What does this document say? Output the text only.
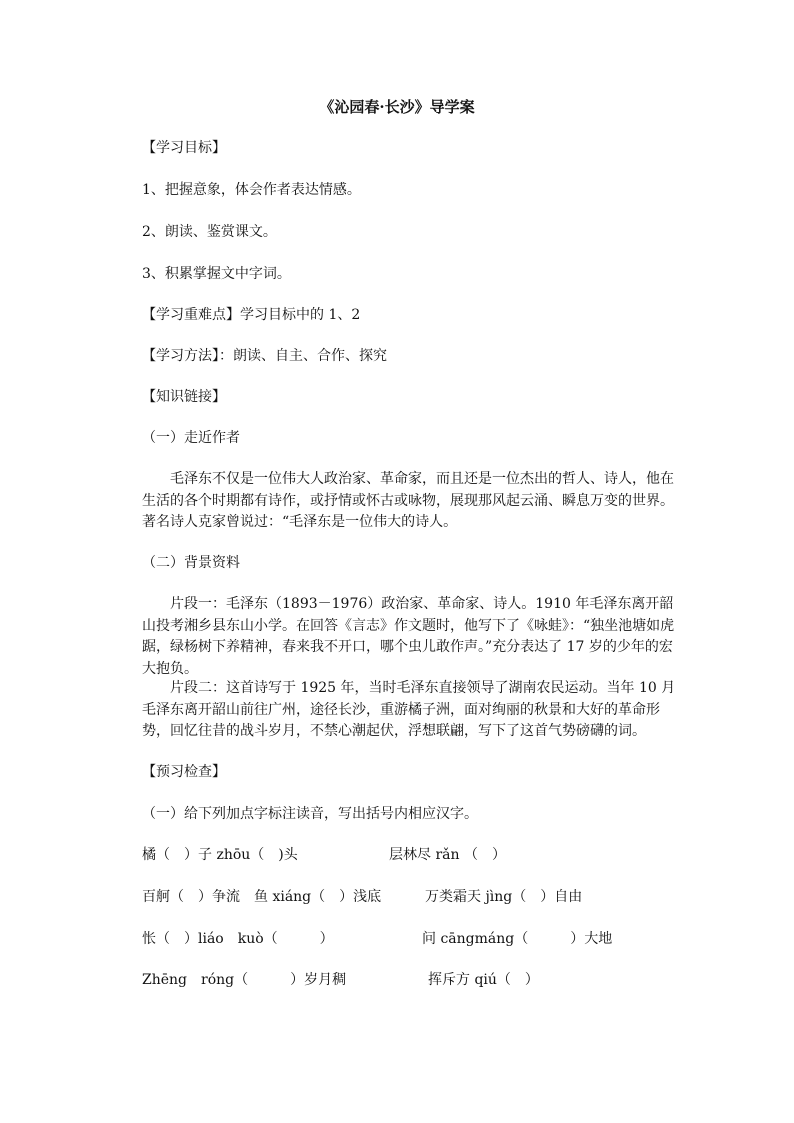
《沁园春·长沙》导学案
【学习目标】
1、把握意象，体会作者表达情感。
2、朗读、鉴赏课文。
3、积累掌握文中字词。
【学习重难点】学习目标中的 1、2
【学习方法】：朗读、自主、合作、探究
【知识链接】
（一）走近作者
毛泽东不仅是一位伟大人政治家、革命家，而且还是一位杰出的哲人、诗人，他在生活的各个时期都有诗作，或抒情或怀古或咏物，展现那风起云涌、瞬息万变的世界。著名诗人克家曾说过：“毛泽东是一位伟大的诗人。
（二）背景资料
片段一：毛泽东（1893－1976）政治家、革命家、诗人。1910 年毛泽东离开韶山投考湘乡县东山小学。在回答《言志》作文题时，他写下了《咏蛙》：“独坐池塘如虎踞，绿杨树下养精神，春来我不开口，哪个虫儿敢作声。”充分表达了 17 岁的少年的宏大抱负。
片段二：这首诗写于 1925 年，当时毛泽东直接领导了湖南农民运动。当年 10 月毛泽东离开韶山前往广州，途径长沙，重游橘子洲，面对绚丽的秋景和大好的革命形势，回忆往昔的战斗岁月，不禁心潮起伏，浮想联翩，写下了这首气势磅礴的词。
【预习检查】
（一）给下列加点字标注读音，写出括号内相应汉字。
橘（　）子 zhōu（　)头	层林尽 rǎn （　）
百舸（　）争流　鱼 xiáng（　）浅底	万类霜天 jìng（　）自由
怅（　）liáo　kuò（　　　）	问 cāngmáng（　　　）大地
Zhēng　róng（　　　）岁月稠	挥斥方 qiú（　）
